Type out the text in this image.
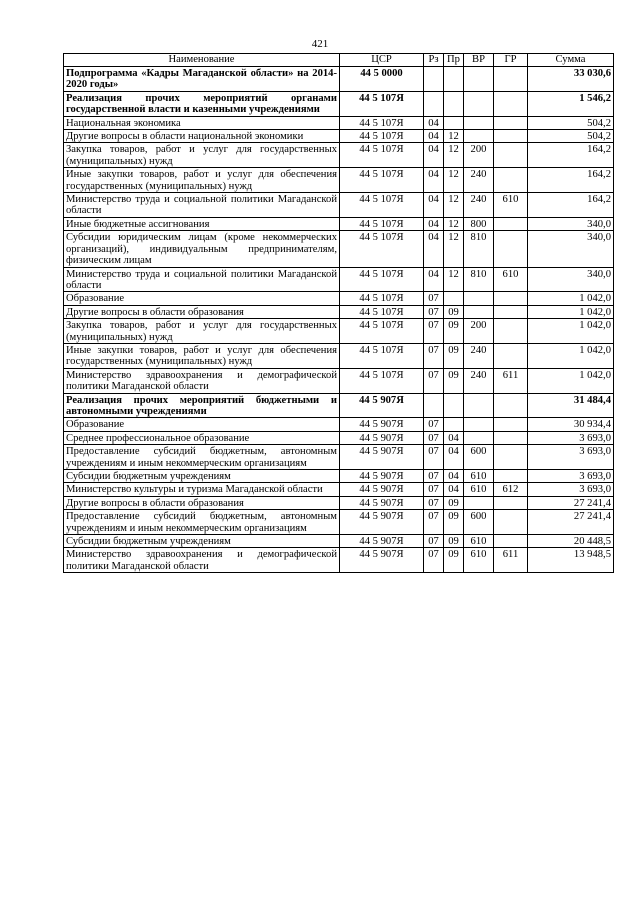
421
Наименование	ЦСР	Рз	Пр	ВР	ГР	Сумма
Подпрограмма «Кадры Магаданской области» на 2014-2020 годы»	44 5 0000					33 030,6
Реализация прочих мероприятий органами государственной власти и казенными учреждениями	44 5 107Я					1 546,2
Национальная экономика	44 5 107Я	04				504,2
Другие вопросы в области национальной экономики	44 5 107Я	04	12			504,2
Закупка товаров, работ и услуг для государственных (муниципальных) нужд	44 5 107Я	04	12	200		164,2
Иные закупки товаров, работ и услуг для обеспечения государственных (муниципальных) нужд	44 5 107Я	04	12	240		164,2
Министерство труда и социальной политики Магаданской области	44 5 107Я	04	12	240	610	164,2
Иные бюджетные ассигнования	44 5 107Я	04	12	800		340,0
Субсидии юридическим лицам (кроме некоммерческих организаций), индивидуальным предпринимателям, физическим лицам	44 5 107Я	04	12	810		340,0
Министерство труда и социальной политики Магаданской области	44 5 107Я	04	12	810	610	340,0
Образование	44 5 107Я	07				1 042,0
Другие вопросы в области образования	44 5 107Я	07	09			1 042,0
Закупка товаров, работ и услуг для государственных (муниципальных) нужд	44 5 107Я	07	09	200		1 042,0
Иные закупки товаров, работ и услуг для обеспечения государственных (муниципальных) нужд	44 5 107Я	07	09	240		1 042,0
Министерство здравоохранения и демографической политики Магаданской области	44 5 107Я	07	09	240	611	1 042,0
Реализация прочих мероприятий бюджетными и автономными учреждениями	44 5 907Я					31 484,4
Образование	44 5 907Я	07				30 934,4
Среднее профессиональное образование	44 5 907Я	07	04			3 693,0
Предоставление субсидий бюджетным, автономным учреждениям и иным некоммерческим организациям	44 5 907Я	07	04	600		3 693,0
Субсидии бюджетным учреждениям	44 5 907Я	07	04	610		3 693,0
Министерство культуры и туризма Магаданской области	44 5 907Я	07	04	610	612	3 693,0
Другие вопросы в области образования	44 5 907Я	07	09			27 241,4
Предоставление субсидий бюджетным, автономным учреждениям и иным некоммерческим организациям	44 5 907Я	07	09	600		27 241,4
Субсидии бюджетным учреждениям	44 5 907Я	07	09	610		20 448,5
Министерство здравоохранения и демографической политики Магаданской области	44 5 907Я	07	09	610	611	13 948,5
